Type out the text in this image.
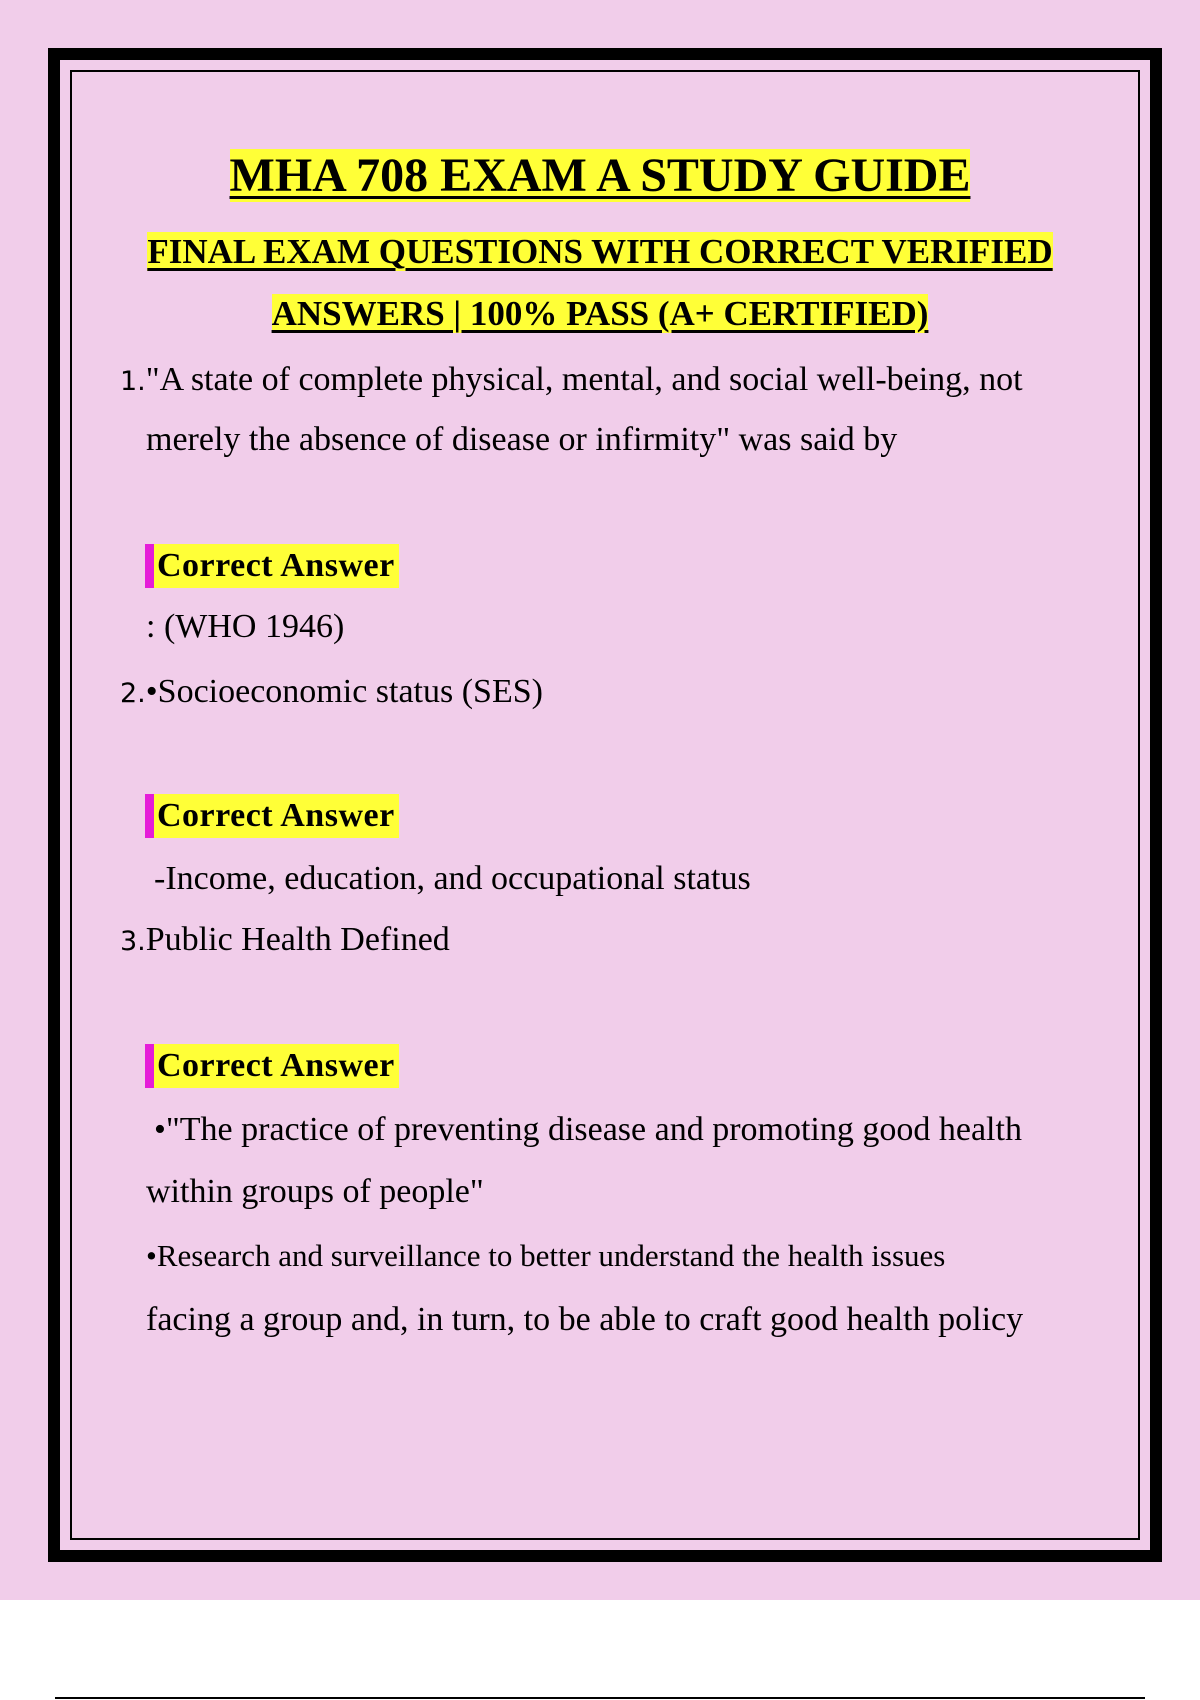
MHA 708 EXAM A STUDY GUIDE
FINAL EXAM QUESTIONS WITH CORRECT VERIFIED
ANSWERS | 100% PASS (A+ CERTIFIED)
1."A state of complete physical, mental, and social well-being, not
merely the absence of disease or infirmity" was said by
Correct Answer
: (WHO 1946)
2.•Socioeconomic status (SES)
Correct Answer
-Income, education, and occupational status
3.Public Health Defined
Correct Answer
•"The practice of preventing disease and promoting good health
within groups of people"
•Research and surveillance to better understand the health issues
facing a group and, in turn, to be able to craft good health policy
